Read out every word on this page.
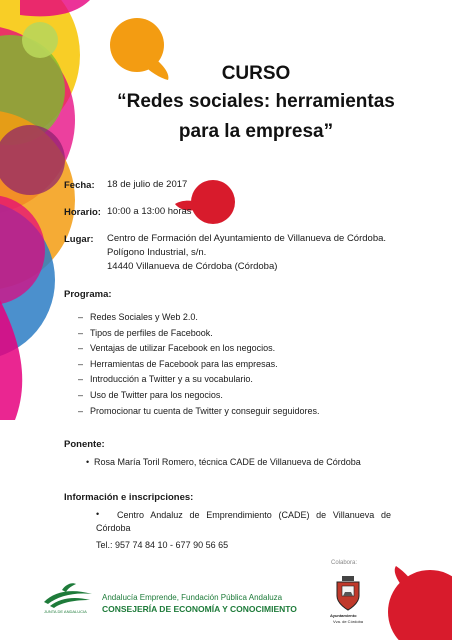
CURSO
“Redes sociales: herramientas
para la empresa”
Fecha: 18 de julio de 2017
Horario: 10:00 a 13:00 horas
Lugar: Centro de Formación del Ayuntamiento de Villanueva de Córdoba.
Polígono Industrial, s/n.
14440 Villanueva de Córdoba (Córdoba)
Programa:
– Redes Sociales y Web 2.0.
– Tipos de perfiles de Facebook.
– Ventajas de utilizar Facebook en los negocios.
– Herramientas de Facebook para las empresas.
– Introducción a Twitter y a su vocabulario.
– Uso de Twitter para los negocios.
– Promocionar tu cuenta de Twitter y conseguir seguidores.
Ponente:
• Rosa María Toril Romero, técnica CADE de Villanueva de Córdoba
Información e inscripciones:
•	Centro Andaluz de Emprendimiento (CADE) de Villanueva de Córdoba
Tel.: 957 74 84 10 - 677 90 56 65
JUNTA DE ANDALUCIA
Andalucía Emprende, Fundación Pública Andaluza
CONSEJERÍA DE ECONOMÍA Y CONOCIMIENTO
Colabora:
Ayuntamiento
Vva. de Córdoba
